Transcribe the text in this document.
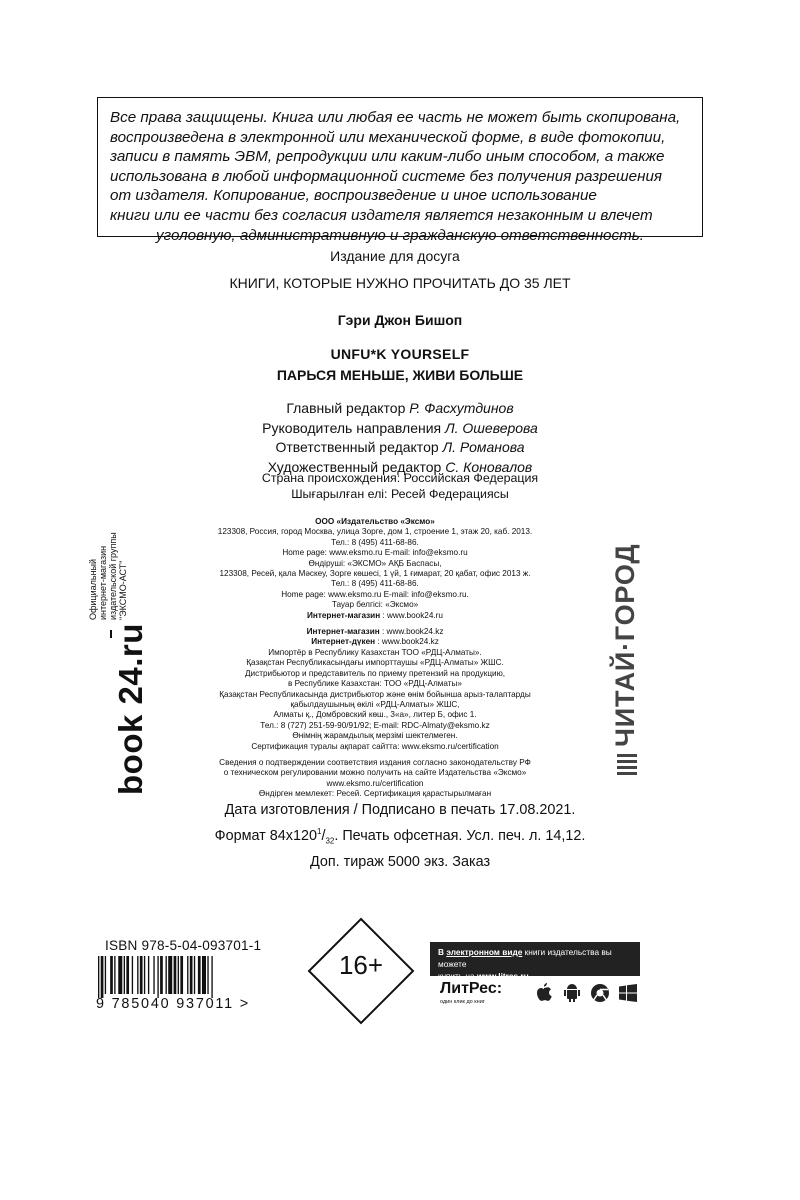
Все права защищены. Книга или любая ее часть не может быть скопирована,
воспроизведена в электронной или механической форме, в виде фотокопии,
записи в память ЭВМ, репродукции или каким-либо иным способом, а также
использована в любой информационной системе без получения разрешения
от издателя. Копирование, воспроизведение и иное использование
книги или ее части без согласия издателя является незаконным и влечет
уголовную, административную и гражданскую ответственность.
Издание для досуга
КНИГИ, КОТОРЫЕ НУЖНО ПРОЧИТАТЬ ДО 35 ЛЕТ
Гэри Джон Бишоп
UNFU*K YOURSELF
ПАРЬСЯ МЕНЬШЕ, ЖИВИ БОЛЬШЕ
Главный редактор Р. Фасхутдинов
Руководитель направления Л. Ошеверова
Ответственный редактор Л. Романова
Художественный редактор С. Коновалов
Страна происхождения: Российская Федерация
Шығарылған елі: Ресей Федерациясы
ООО «Издательство «Эксмо»
123308, Россия, город Москва, улица Зорге, дом 1, строение 1, этаж 20, каб. 2013.
Тел.: 8 (495) 411-68-86.
Home page: www.eksmo.ru E-mail: info@eksmo.ru
Өндіруші: «ЭКСМО» АҚБ Баспасы,
123308, Ресей, қала Мәскеу, Зорге көшесі, 1 үй, 1 ғимарат, 20 қабат, офис 2013 ж.
Тел.: 8 (495) 411-68-86.
Home page: www.eksmo.ru E-mail: info@eksmo.ru.
Тауар белгісі: «Эксмо»
Интернет-магазин : www.book24.ru
Интернет-магазин : www.book24.kz
Интернет-дүкен : www.book24.kz
Импортёр в Республику Казахстан ТОО «РДЦ-Алматы».
Қазақстан Республикасындағы импорттаушы «РДЦ-Алматы» ЖШС.
Дистрибьютор и представитель по приему претензий на продукцию,
в Республике Казахстан: ТОО «РДЦ-Алматы»
Қазақстан Республикасында дистрибьютор және өнім бойынша арыз-талаптарды
қабылдаушының өкілі «РДЦ-Алматы» ЖШС,
Алматы қ., Домбровский көш., 3«а», литер Б, офис 1.
Тел.: 8 (727) 251-59-90/91/92; E-mail: RDC-Almaty@eksmo.kz
Өнімнің жарамдылық мерзімі шектелмеген.
Сертификация туралы ақпарат сайтта: www.eksmo.ru/certification
Сведения о подтверждении соответствия издания согласно законодательству РФ
о техническом регулировании можно получить на сайте Издательства «Эксмо»
www.eksmo.ru/certification
Өндірген мемлекет: Ресей. Сертификация қарастырылмаған
Дата изготовления / Подписано в печать 17.08.2021.
Формат $84x120^1/_{32}$. Печать офсетная. Усл. печ. л. 14,12.
Доп. тираж 5000 экз. Заказ
Официальный интернет-магазин издательской группы "ЭКСМО-АСТ"
book 24.ru	ЧИТАЙ·ГОРОД
ISBN 978-5-04-093701-1
9 785040 937011 >
16+	В электронном виде книги издательства вы можете
купить на www.litres.ru
ЛитРес:
один клик до книг
